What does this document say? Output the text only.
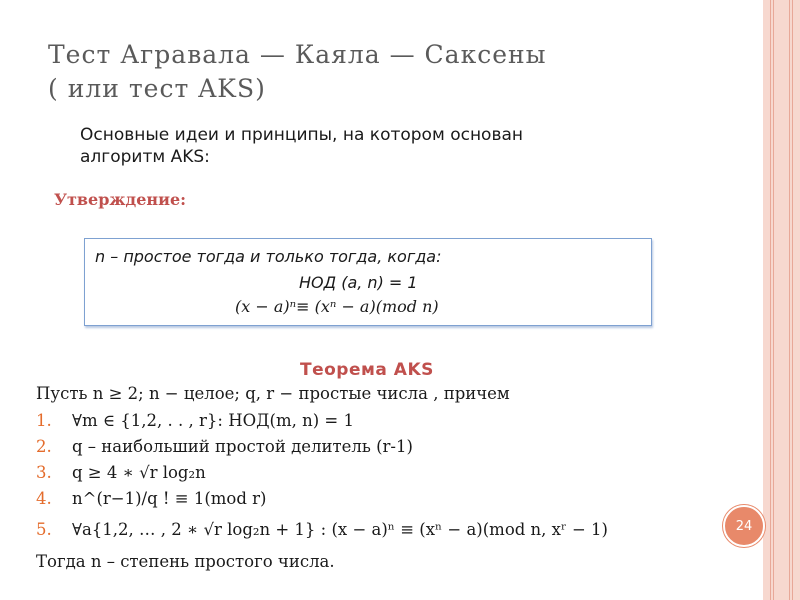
Тест Агравала — Каяла — Саксены
( или тест AKS)
Основные идеи и принципы, на котором основан алгоритм AKS:
Утверждение:
n – простое тогда и только тогда, когда:
НОД (a, n) = 1
(x − a)ⁿ≡ (xⁿ − a)(mod n)
Теорема AKS
Пусть n ≥ 2; n − целое; q, r − простые числа , причем
1. ∀m ∈ {1,2, . . , r}: НОД(m, n) = 1
2. q – наибольший простой делитель (r-1)
3. q ≥ 4 ∗ √r log₂n
4. n^(r−1)/q ! ≡ 1(mod r)
5. ∀a{1,2, … , 2 ∗ √r log₂n + 1} : (x − a)ⁿ ≡ (xⁿ − a)(mod n, xʳ − 1)
Тогда n – степень простого числа.
24
